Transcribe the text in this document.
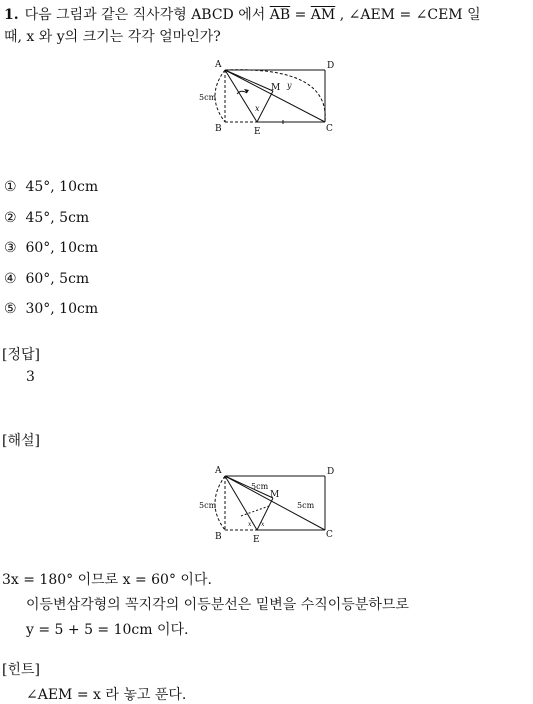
1. 다음 그림과 같은 직사각형 ABCD 에서 $\overline{AB} = \overline{AM}$ , ∠AEM = ∠CEM 일
때, x 와 y의 크기는 각각 얼마인가?
A	D
B	C
E
M
5cm
x
y
① 45°, 10cm
② 45°, 5cm
③ 60°, 10cm
④ 60°, 5cm
⑤ 30°, 10cm
[정답]
3
[해설]
A	D
B	C
E
M
5cm
5cm
5cm
x x
3x = 180° 이므로 x = 60° 이다.
이등변삼각형의 꼭지각의 이등분선은 밑변을 수직이등분하므로
y = 5 + 5 = 10cm 이다.
[힌트]
∠AEM = x 라 놓고 푼다.
